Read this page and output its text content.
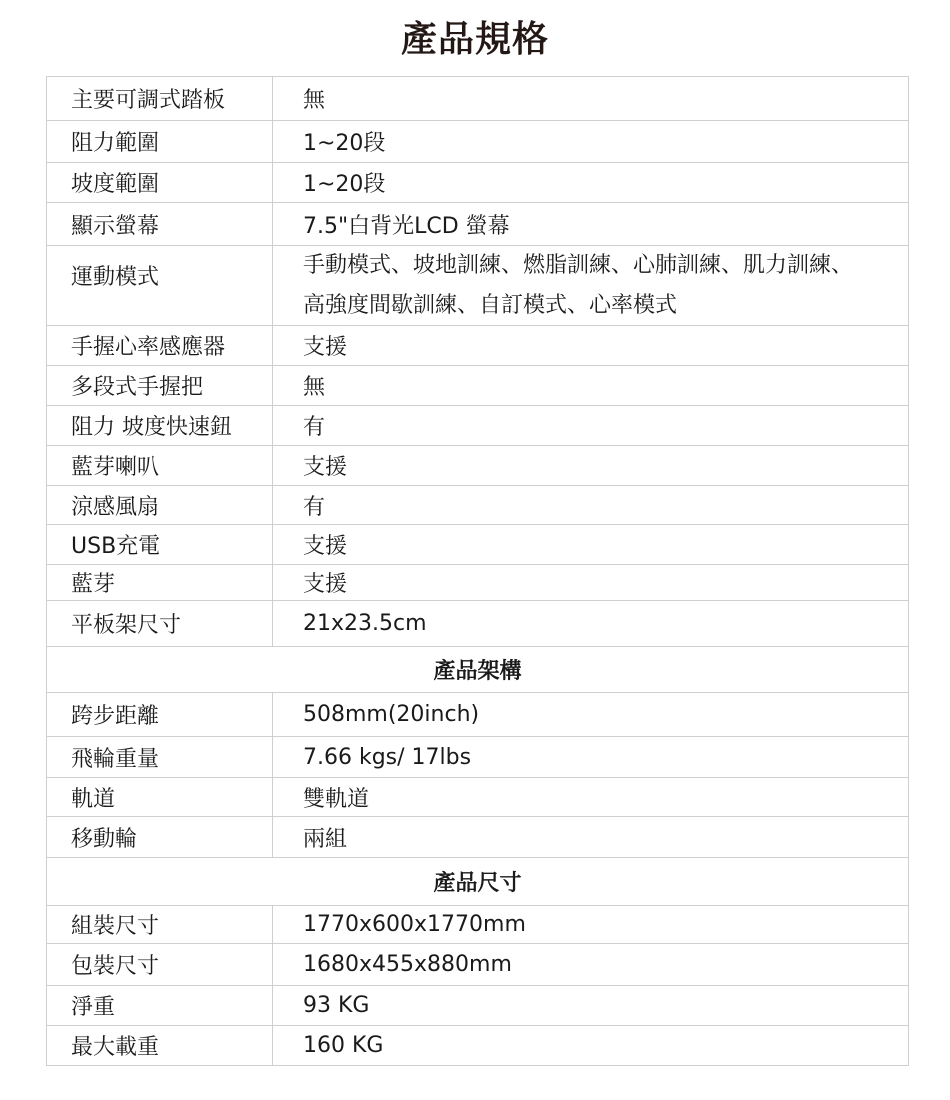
產品規格
主要可調式踏板	無
阻力範圍	1~20段
坡度範圍	1~20段
顯示螢幕	7.5"白背光LCD 螢幕
運動模式	手動模式、坡地訓練、燃脂訓練、心肺訓練、肌力訓練、高強度間歇訓練、自訂模式、心率模式
手握心率感應器	支援
多段式手握把	無
阻力 坡度快速鈕	有
藍芽喇叭	支援
涼感風扇	有
USB充電	支援
藍芽	支援
平板架尺寸	21x23.5cm
產品架構
跨步距離	508mm(20inch)
飛輪重量	7.66 kgs/ 17lbs
軌道	雙軌道
移動輪	兩組
產品尺寸
組裝尺寸	1770x600x1770mm
包裝尺寸	1680x455x880mm
淨重	93 KG
最大載重	160 KG
